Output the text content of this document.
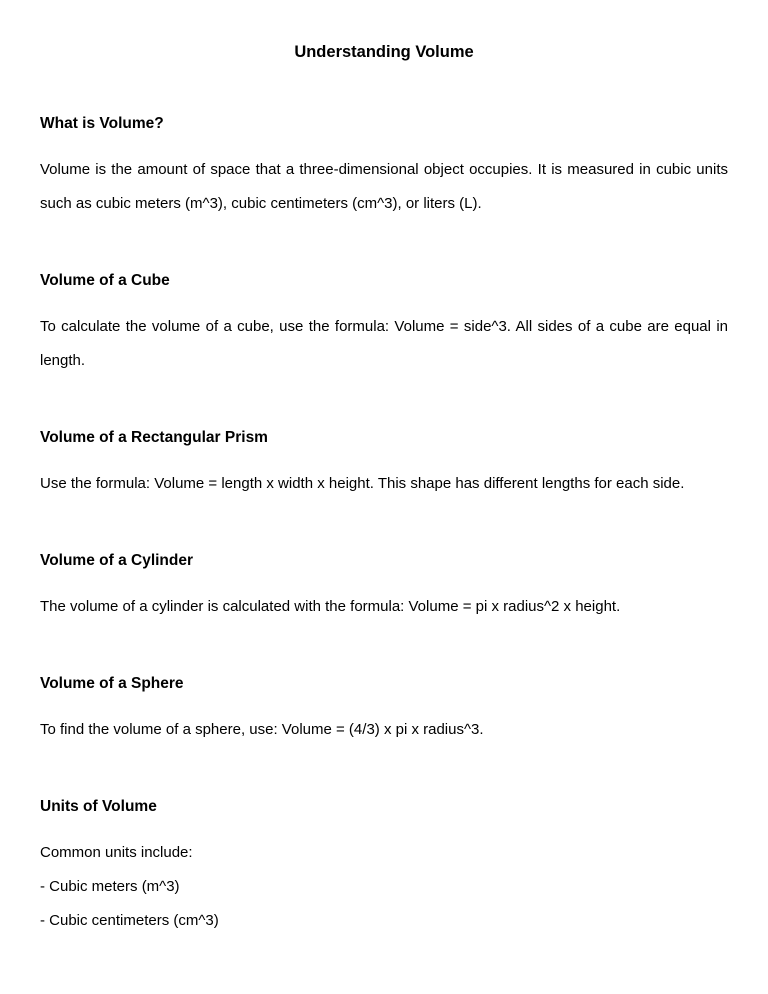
Understanding Volume
What is Volume?

Volume is the amount of space that a three-dimensional object occupies. It is measured in cubic units such as cubic meters (m^3), cubic centimeters (cm^3), or liters (L).

Volume of a Cube

To calculate the volume of a cube, use the formula: Volume = side^3. All sides of a cube are equal in length.

Volume of a Rectangular Prism

Use the formula: Volume = length x width x height. This shape has different lengths for each side.

Volume of a Cylinder

The volume of a cylinder is calculated with the formula: Volume = pi x radius^2 x height.

Volume of a Sphere

To find the volume of a sphere, use: Volume = (4/3) x pi x radius^3.

Units of Volume

Common units include:

- Cubic meters (m^3)

- Cubic centimeters (cm^3)
